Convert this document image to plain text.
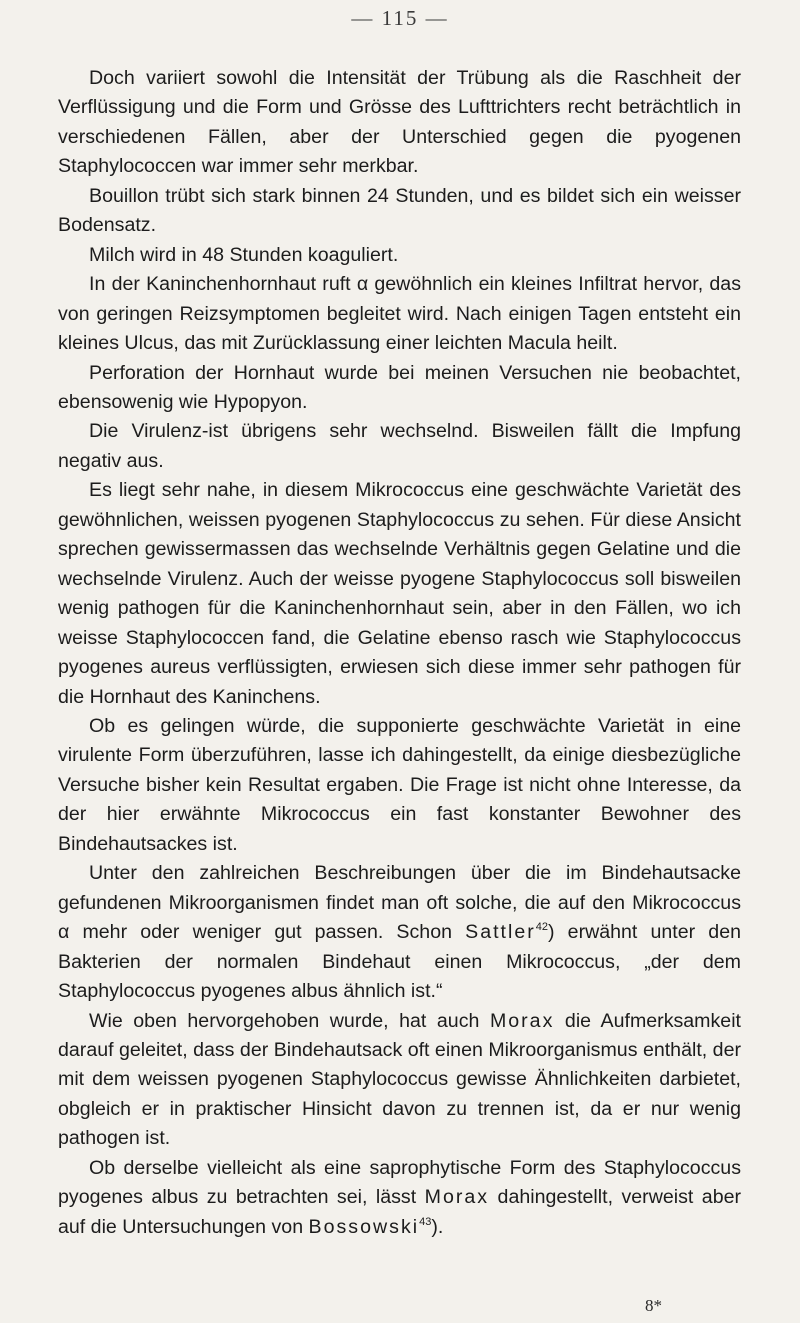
— 115 —

Doch variiert sowohl die Intensität der Trübung als die Raschheit der Verflüssigung und die Form und Grösse des Lufttrichters recht beträchtlich in verschiedenen Fällen, aber der Unterschied gegen die pyogenen Staphylococcen war immer sehr merkbar.

Bouillon trübt sich stark binnen 24 Stunden, und es bildet sich ein weisser Bodensatz.

Milch wird in 48 Stunden koaguliert.

In der Kaninchenhornhaut ruft α gewöhnlich ein kleines Infiltrat hervor, das von geringen Reizsymptomen begleitet wird. Nach einigen Tagen entsteht ein kleines Ulcus, das mit Zurücklassung einer leichten Macula heilt.

Perforation der Hornhaut wurde bei meinen Versuchen nie beobachtet, ebensowenig wie Hypopyon.

Die Virulenz-ist übrigens sehr wechselnd. Bisweilen fällt die Impfung negativ aus.

Es liegt sehr nahe, in diesem Mikrococcus eine geschwächte Varietät des gewöhnlichen, weissen pyogenen Staphylococcus zu sehen. Für diese Ansicht sprechen gewissermassen das wechselnde Verhältnis gegen Gelatine und die wechselnde Virulenz. Auch der weisse pyogene Staphylococcus soll bisweilen wenig pathogen für die Kaninchenhornhaut sein, aber in den Fällen, wo ich weisse Staphylococcen fand, die Gelatine ebenso rasch wie Staphylococcus pyogenes aureus verflüssigten, erwiesen sich diese immer sehr pathogen für die Hornhaut des Kaninchens.

Ob es gelingen würde, die supponierte geschwächte Varietät in eine virulente Form überzuführen, lasse ich dahingestellt, da einige diesbezügliche Versuche bisher kein Resultat ergaben. Die Frage ist nicht ohne Interesse, da der hier erwähnte Mikrococcus ein fast konstanter Bewohner des Bindehautsackes ist.

Unter den zahlreichen Beschreibungen über die im Bindehautsacke gefundenen Mikroorganismen findet man oft solche, die auf den Mikrococcus α mehr oder weniger gut passen. Schon Sattler$^{42}$) erwähnt unter den Bakterien der normalen Bindehaut einen Mikrococcus, „der dem Staphylococcus pyogenes albus ähnlich ist.“

Wie oben hervorgehoben wurde, hat auch Morax die Aufmerksamkeit darauf geleitet, dass der Bindehautsack oft einen Mikroorganismus enthält, der mit dem weissen pyogenen Staphylococcus gewisse Ähnlichkeiten darbietet, obgleich er in praktischer Hinsicht davon zu trennen ist, da er nur wenig pathogen ist.

Ob derselbe vielleicht als eine saprophytische Form des Staphylococcus pyogenes albus zu betrachten sei, lässt Morax dahingestellt, verweist aber auf die Untersuchungen von Bossowski$^{43}$).

8*
